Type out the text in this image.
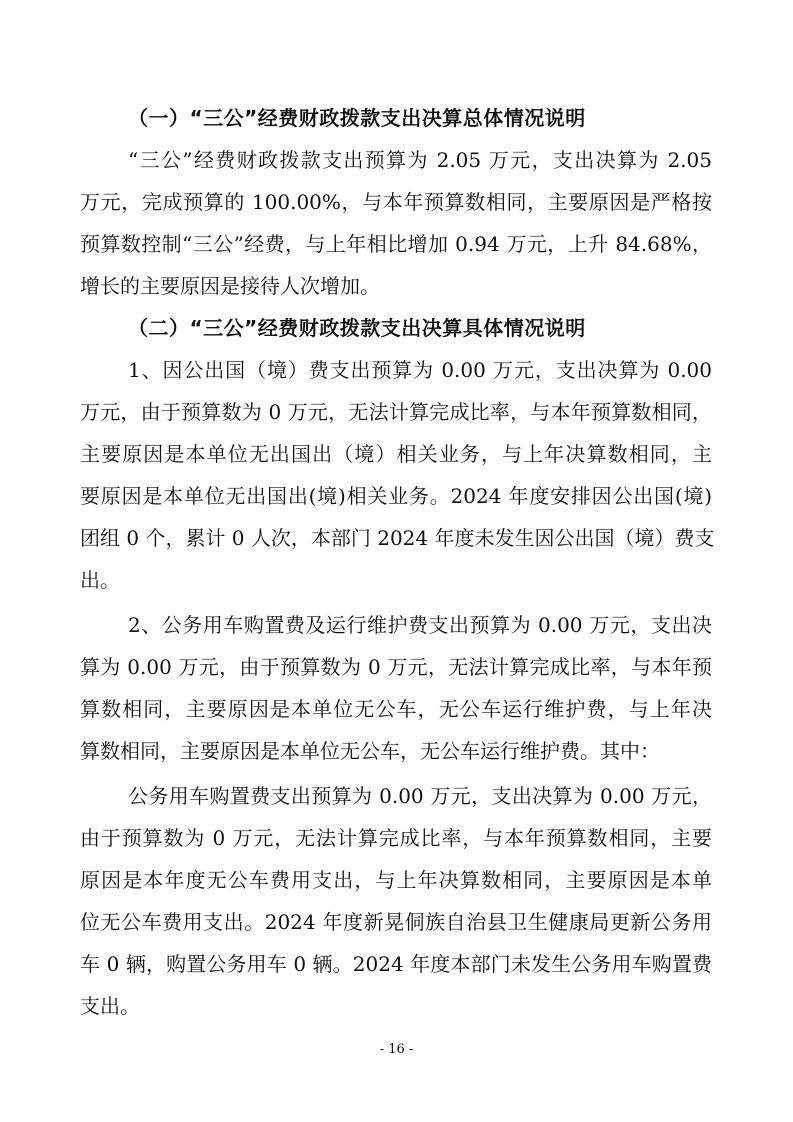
（一）“三公”经费财政拨款支出决算总体情况说明
“三公”经费财政拨款支出预算为 2.05 万元，支出决算为 2.05
万元，完成预算的 100.00%，与本年预算数相同，主要原因是严格按
预算数控制“三公”经费，与上年相比增加 0.94 万元，上升 84.68%，
增长的主要原因是接待人次增加。
（二）“三公”经费财政拨款支出决算具体情况说明
1、因公出国（境）费支出预算为 0.00 万元，支出决算为 0.00
万元，由于预算数为 0 万元，无法计算完成比率，与本年预算数相同，
主要原因是本单位无出国出（境）相关业务，与上年决算数相同，主
要原因是本单位无出国出(境)相关业务。2024 年度安排因公出国(境)
团组 0 个，累计 0 人次，本部门 2024 年度未发生因公出国（境）费支
出。
2、公务用车购置费及运行维护费支出预算为 0.00 万元，支出决
算为 0.00 万元，由于预算数为 0 万元，无法计算完成比率，与本年预
算数相同，主要原因是本单位无公车，无公车运行维护费，与上年决
算数相同，主要原因是本单位无公车，无公车运行维护费。其中：
公务用车购置费支出预算为 0.00 万元，支出决算为 0.00 万元，
由于预算数为 0 万元，无法计算完成比率，与本年预算数相同，主要
原因是本年度无公车费用支出，与上年决算数相同，主要原因是本单
位无公车费用支出。2024 年度新晃侗族自治县卫生健康局更新公务用
车 0 辆，购置公务用车 0 辆。2024 年度本部门未发生公务用车购置费
支出。
- 16 -
